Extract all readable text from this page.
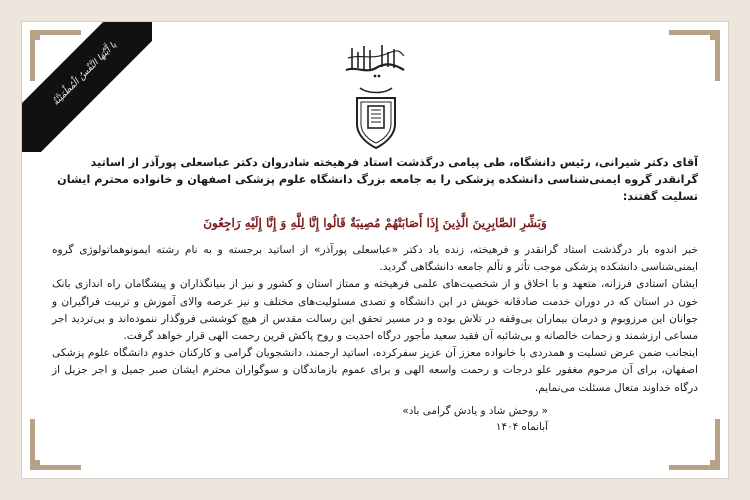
یا أَیَّتُهَا النَّفْسُ الْمُطْمَئِنَّةُ

آقای دکتر شیرانی، رئیس دانشگاه، طی پیامی درگذشت استاد فرهیخته شادروان دکتر عباسعلی پورآذر از اساتید گرانقدر گروه ایمنی‌شناسی دانشکده پزشکی را به جامعه بزرگ دانشگاه علوم پزشکی اصفهان و خانواده محترم ایشان تسلیت گفتند:

وَبَشِّرِ الصَّابِرِينَ الَّذِينَ إِذَا أَصَابَتْهُمْ مُصِيبَةٌ قَالُوا إِنَّا لِلَّهِ وَ إِنَّا إِلَيْهِ رَاجِعُونَ

خبر اندوه بار درگذشت استاد گرانقدر و فرهیخته، زنده یاد دکتر «عباسعلی پورآذر» از اساتید برجسته و به نام رشته ایمونوهماتولوژی گروه ایمنی‌شناسی دانشکده پزشکی موجب تأثر و تألم جامعه دانشگاهی گردید.

ایشان استادی فرزانه، متعهد و با اخلاق و از شخصیت‌های علمی فرهیخته و ممتاز استان و کشور و نیز از بنیانگذاران و پیشگامان راه اندازی بانک خون در استان که در دوران خدمت صادقانه خویش در این دانشگاه و تصدی مسئولیت‌های مختلف و نیز عرصه والای آموزش و تربیت فراگیران و جوانان این مرزوبوم و درمان بیماران بی‌وقفه در تلاش بوده و در مسیر تحقق این رسالت مقدس از هیچ کوششی فروگذار ننموده‌اند و بی‌تردید اجر مساعی ارزشمند و زحمات خالصانه و بی‌شائبه آن فقید سعید مأجور درگاه احدیت و روح پاکش قرین رحمت الهی قرار خواهد گرفت.

اینجانب ضمن عرض تسلیت و همدردی با خانواده معزز آن عزیز سفرکرده، اساتید ارجمند، دانشجویان گرامی و کارکنان خدوم دانشگاه علوم پزشکی اصفهان، برای آن مرحوم مغفور علو درجات و رحمت واسعه الهی و برای عموم بازماندگان و سوگواران محترم ایشان صبر جمیل و اجر جزیل از درگاه خداوند متعال مسئلت می‌نمایم.

« روحش شاد و یادش گرامی باد»
آبانماه ۱۴۰۴
